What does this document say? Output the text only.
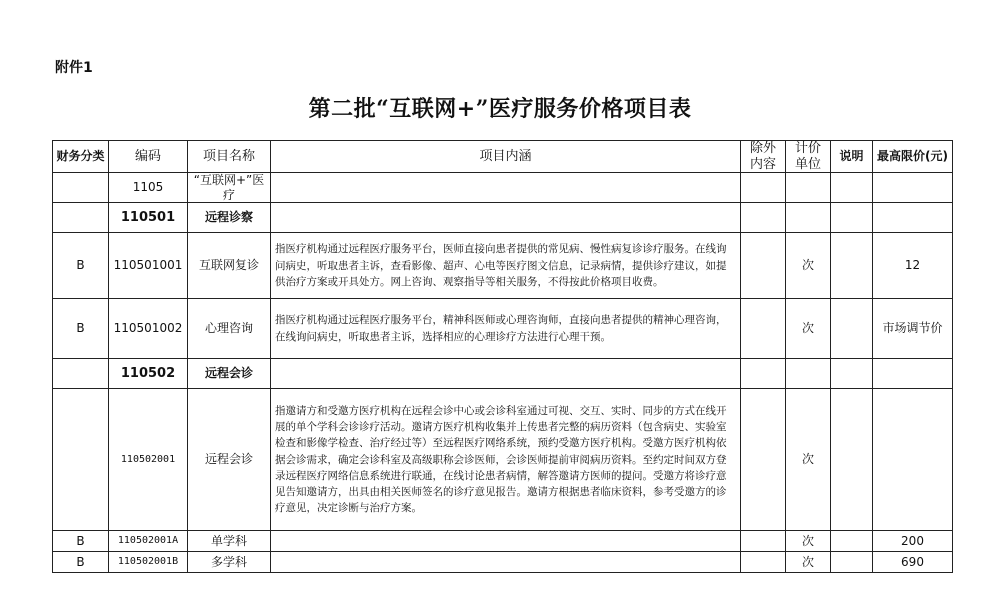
附件1
第二批“互联网+”医疗服务价格项目表
财务分类	编码	项目名称	项目内涵	除外内容	计价单位	说明	最高限价(元)
	1105	“互联网+”医疗					
	110501	远程诊察					
B	110501001	互联网复诊	指医疗机构通过远程医疗服务平台，医师直接向患者提供的常见病、慢性病复诊诊疗服务。在线询问病史，听取患者主诉，查看影像、超声、心电等医疗图文信息，记录病情，提供诊疗建议，如提供治疗方案或开具处方。网上咨询、观察指导等相关服务，不得按此价格项目收费。		次		12
B	110501002	心理咨询	指医疗机构通过远程医疗服务平台，精神科医师或心理咨询师，直接向患者提供的精神心理咨询，在线询问病史，听取患者主诉，选择相应的心理诊疗方法进行心理干预。		次		市场调节价
	110502	远程会诊					
	110502001	远程会诊	指邀请方和受邀方医疗机构在远程会诊中心或会诊科室通过可视、交互、实时、同步的方式在线开展的单个学科会诊诊疗活动。邀请方医疗机构收集并上传患者完整的病历资料（包含病史、实验室检查和影像学检查、治疗经过等）至远程医疗网络系统，预约受邀方医疗机构。受邀方医疗机构依据会诊需求，确定会诊科室及高级职称会诊医师，会诊医师提前审阅病历资料。至约定时间双方登录远程医疗网络信息系统进行联通，在线讨论患者病情，解答邀请方医师的提问。受邀方将诊疗意见告知邀请方，出具由相关医师签名的诊疗意见报告。邀请方根据患者临床资料，参考受邀方的诊疗意见，决定诊断与治疗方案。		次		
B	110502001A	单学科			次		200
B	110502001B	多学科			次		690
